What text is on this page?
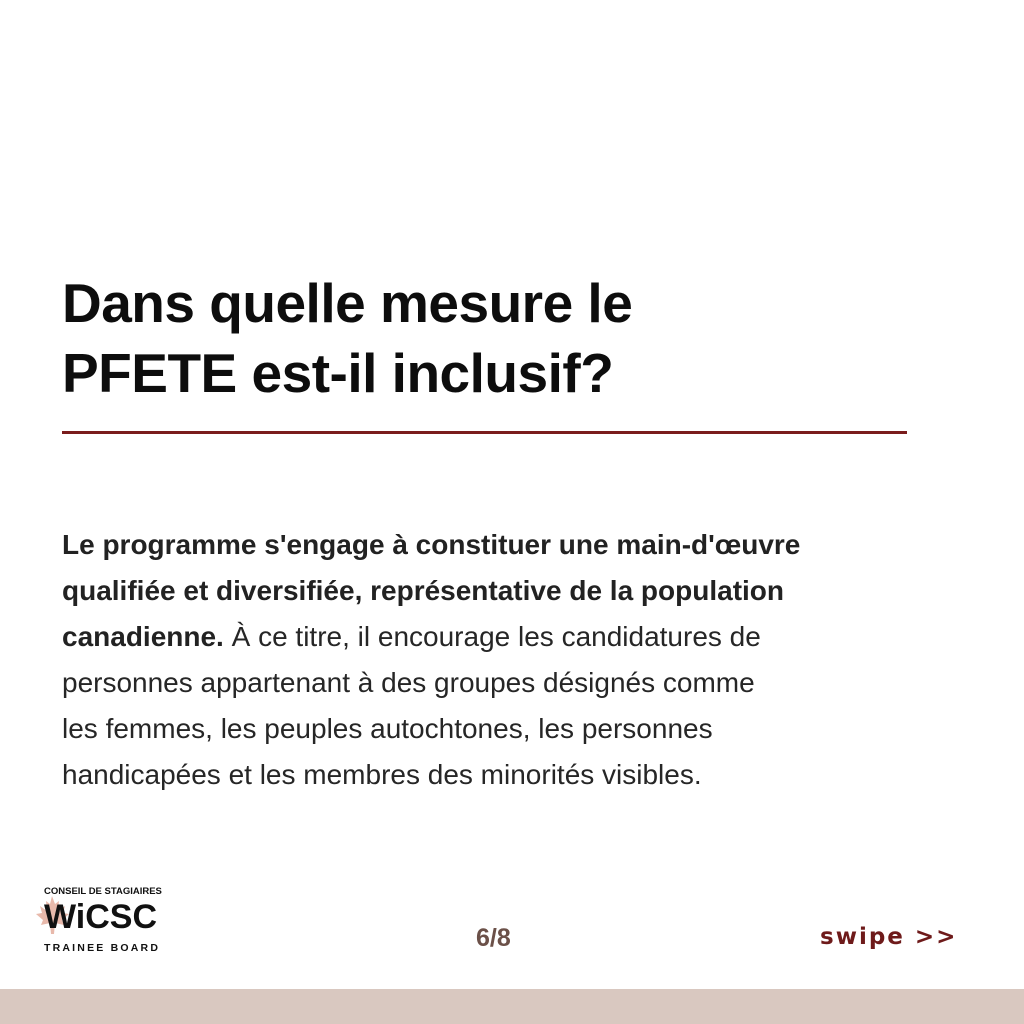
Dans quelle mesure le
PFETE est-il inclusif?

Le programme s'engage à constituer une main-d'œuvre
qualifiée et diversifiée, représentative de la population
canadienne. À ce titre, il encourage les candidatures de
personnes appartenant à des groupes désignés comme
les femmes, les peuples autochtones, les personnes
handicapées et les membres des minorités visibles.

CONSEIL DE STAGIAIRES
WiCSC
TRAINEE BOARD	6/8	swipe >>
